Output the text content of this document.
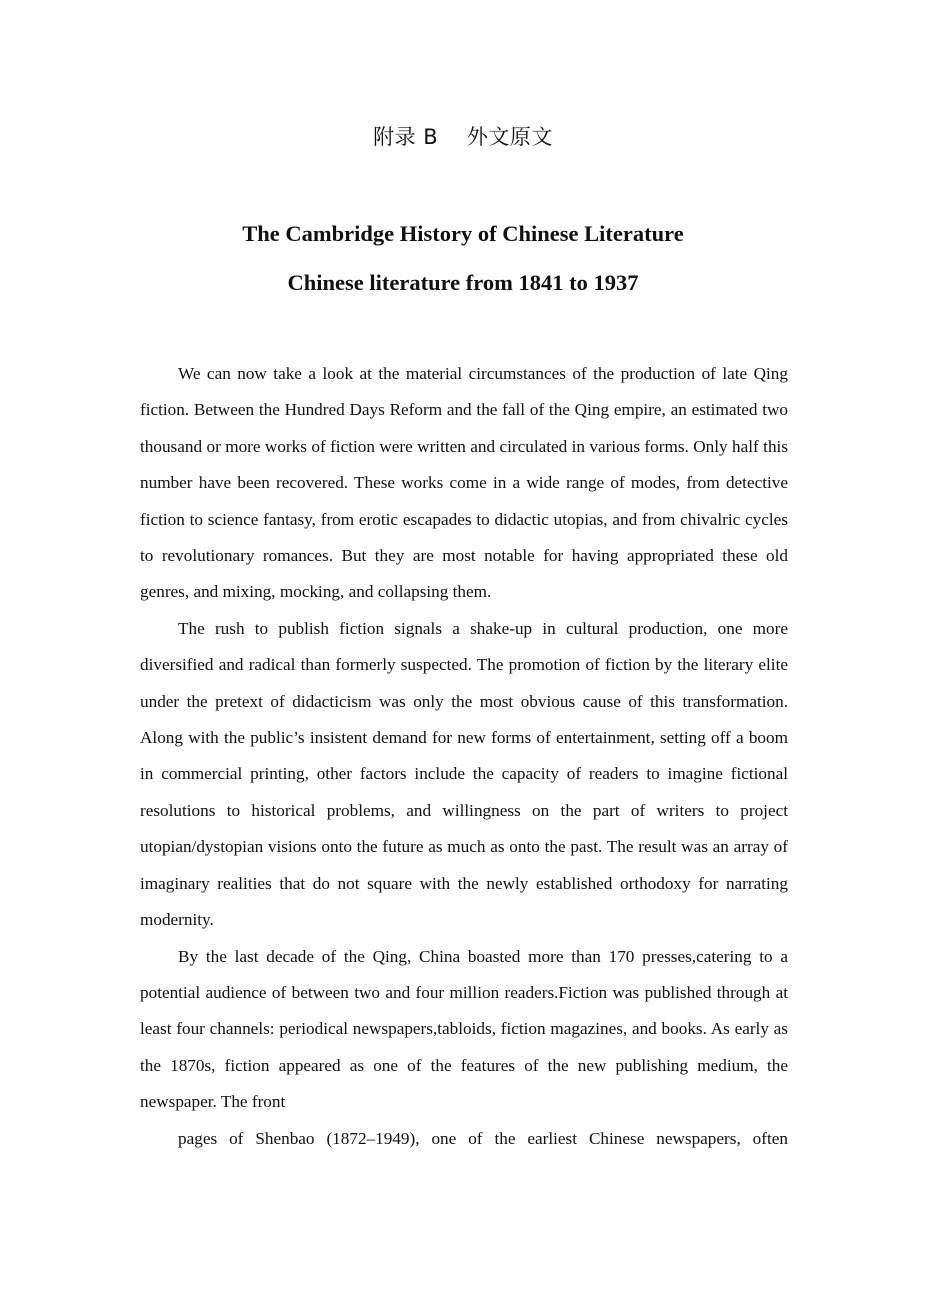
附录 B 外文原文
The Cambridge History of Chinese Literature
Chinese literature from 1841 to 1937

We can now take a look at the material circumstances of the production of late Qing fiction. Between the Hundred Days Reform and the fall of the Qing empire, an estimated two thousand or more works of fiction were written and circulated in various forms. Only half this number have been recovered. These works come in a wide range of modes, from detective fiction to science fantasy, from erotic escapades to didactic utopias, and from chivalric cycles to revolutionary romances. But they are most notable for having appropriated these old genres, and mixing, mocking, and collapsing them.

The rush to publish fiction signals a shake-up in cultural production, one more diversified and radical than formerly suspected. The promotion of fiction by the literary elite under the pretext of didacticism was only the most obvious cause of this transformation. Along with the public’s insistent demand for new forms of entertainment, setting off a boom in commercial printing, other factors include the capacity of readers to imagine fictional resolutions to historical problems, and willingness on the part of writers to project utopian/dystopian visions onto the future as much as onto the past. The result was an array of imaginary realities that do not square with the newly established orthodoxy for narrating modernity.

By the last decade of the Qing, China boasted more than 170 presses,catering to a potential audience of between two and four million readers.Fiction was published through at least four channels: periodical newspapers,tabloids, fiction magazines, and books. As early as the 1870s, fiction appeared as one of the features of the new publishing medium, the newspaper. The front

pages of Shenbao (1872–1949), one of the earliest Chinese newspapers, often
